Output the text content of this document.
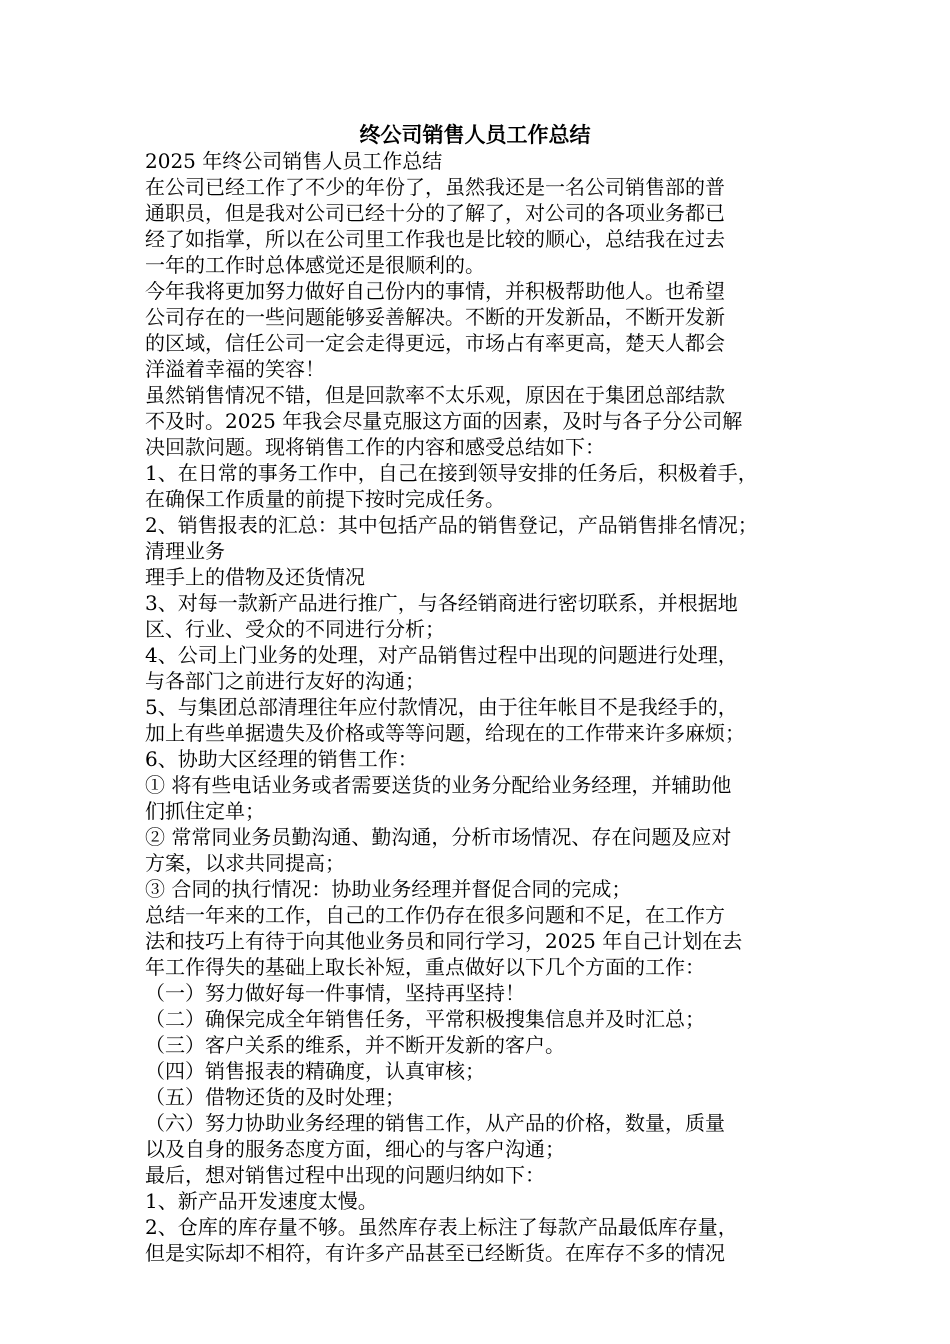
终公司销售人员工作总结
2025 年终公司销售人员工作总结
在公司已经工作了不少的年份了，虽然我还是一名公司销售部的普
通职员，但是我对公司已经十分的了解了，对公司的各项业务都已
经了如指掌，所以在公司里工作我也是比较的顺心，总结我在过去
一年的工作时总体感觉还是很顺利的。
今年我将更加努力做好自己份内的事情，并积极帮助他人。也希望
公司存在的一些问题能够妥善解决。不断的开发新品，不断开发新
的区域，信任公司一定会走得更远，市场占有率更高，楚天人都会
洋溢着幸福的笑容！
虽然销售情况不错，但是回款率不太乐观，原因在于集团总部结款
不及时。2025 年我会尽量克服这方面的因素，及时与各子分公司解
决回款问题。现将销售工作的内容和感受总结如下：
1、在日常的事务工作中，自己在接到领导安排的任务后，积极着手，
在确保工作质量的前提下按时完成任务。
2、销售报表的汇总：其中包括产品的销售登记，产品销售排名情况；
清理业务
理手上的借物及还货情况
3、对每一款新产品进行推广，与各经销商进行密切联系，并根据地
区、行业、受众的不同进行分析；
4、公司上门业务的处理，对产品销售过程中出现的问题进行处理，
与各部门之前进行友好的沟通；
5、与集团总部清理往年应付款情况，由于往年帐目不是我经手的，
加上有些单据遗失及价格或等等问题，给现在的工作带来许多麻烦；
6、协助大区经理的销售工作：
① 将有些电话业务或者需要送货的业务分配给业务经理，并辅助他
们抓住定单；
② 常常同业务员勤沟通、勤沟通，分析市场情况、存在问题及应对
方案，以求共同提高；
③ 合同的执行情况：协助业务经理并督促合同的完成；
总结一年来的工作，自己的工作仍存在很多问题和不足，在工作方
法和技巧上有待于向其他业务员和同行学习，2025 年自己计划在去
年工作得失的基础上取长补短，重点做好以下几个方面的工作：
（一）努力做好每一件事情，坚持再坚持！
（二）确保完成全年销售任务，平常积极搜集信息并及时汇总；
（三）客户关系的维系，并不断开发新的客户。
（四）销售报表的精确度，认真审核；
（五）借物还货的及时处理；
（六）努力协助业务经理的销售工作，从产品的价格，数量，质量
以及自身的服务态度方面，细心的与客户沟通；
最后，想对销售过程中出现的问题归纳如下：
1、新产品开发速度太慢。
2、仓库的库存量不够。虽然库存表上标注了每款产品最低库存量，
但是实际却不相符，有许多产品甚至已经断货。在库存不多的情况
